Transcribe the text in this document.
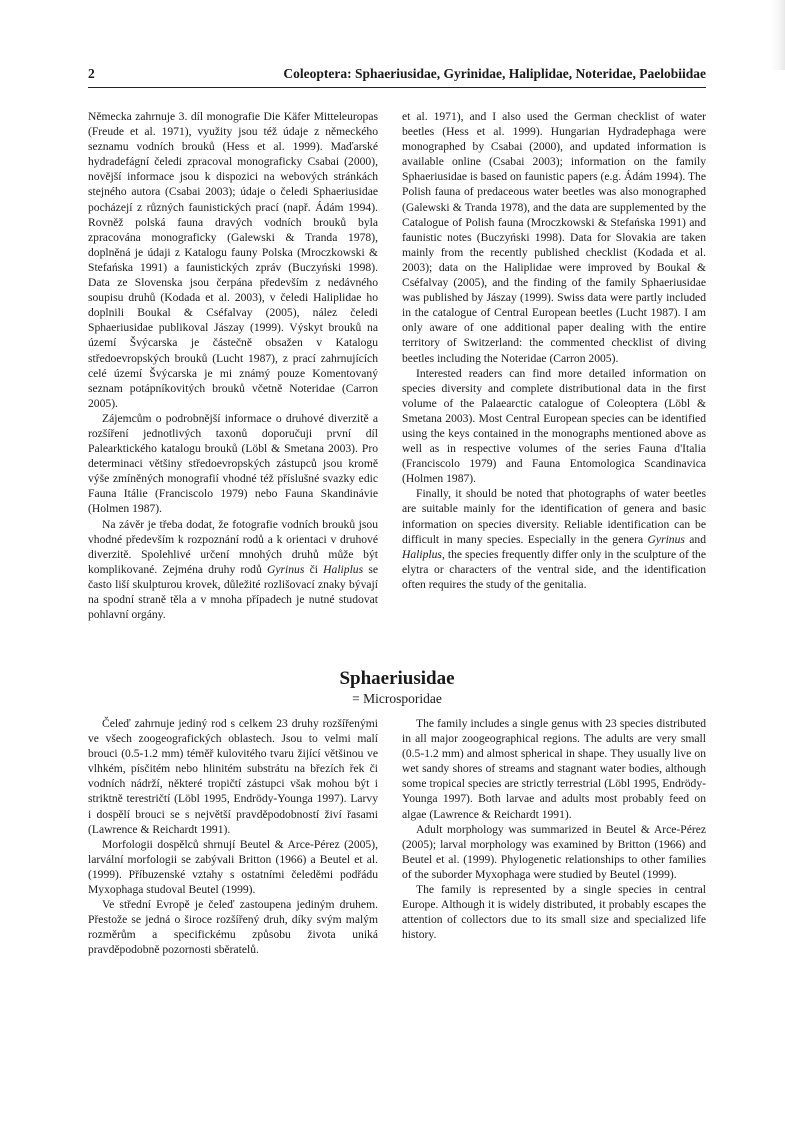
2	Coleoptera: Sphaeriusidae, Gyrinidae, Haliplidae, Noteridae, Paelobiidae

Německa zahrnuje 3. díl monografie Die Käfer Mitteleuropas (Freude et al. 1971), využity jsou též údaje z německého seznamu vodních brouků (Hess et al. 1999). Maďarské hydradefágní čeledi zpracoval monograficky Csabai (2000), novější informace jsou k dispozici na webových stránkách stejného autora (Csabai 2003); údaje o čeledi Sphaeriusidae pocházejí z různých faunistických prací (např. Ádám 1994). Rovněž polská fauna dravých vodních brouků byla zpracována monograficky (Galewski & Tranda 1978), doplněná je údaji z Katalogu fauny Polska (Mroczkowski & Stefańska 1991) a faunistických zpráv (Buczyński 1998). Data ze Slovenska jsou čerpána především z nedávného soupisu druhů (Kodada et al. 2003), v čeledi Haliplidae ho doplnili Boukal & Cséfalvay (2005), nález čeledi Sphaeriusidae publikoval Jászay (1999). Výskyt brouků na území Švýcarska je částečně obsažen v Katalogu středoevropských brouků (Lucht 1987), z prací zahrnujících celé území Švýcarska je mi známý pouze Komentovaný seznam potápníkovitých brouků včetně Noteridae (Carron 2005).

Zájemcům o podrobnější informace o druhové diverzitě a rozšíření jednotlivých taxonů doporučuji první díl Palearktického katalogu brouků (Löbl & Smetana 2003). Pro determinaci většiny středoevropských zástupců jsou kromě výše zmíněných monografií vhodné též příslušné svazky edic Fauna Itálie (Franciscolo 1979) nebo Fauna Skandinávie (Holmen 1987).

Na závěr je třeba dodat, že fotografie vodních brouků jsou vhodné především k rozpoznání rodů a k orientaci v druhové diverzitě. Spolehlivé určení mnohých druhů může být komplikované. Zejména druhy rodů Gyrinus či Haliplus se často liší skulpturou krovek, důležité rozlišovací znaky bývají na spodní straně těla a v mnoha případech je nutné studovat pohlavní orgány.

et al. 1971), and I also used the German checklist of water beetles (Hess et al. 1999). Hungarian Hydradephaga were monographed by Csabai (2000), and updated information is available online (Csabai 2003); information on the family Sphaeriusidae is based on faunistic papers (e.g. Ádám 1994). The Polish fauna of predaceous water beetles was also monographed (Galewski & Tranda 1978), and the data are supplemented by the Catalogue of Polish fauna (Mroczkowski & Stefańska 1991) and faunistic notes (Buczyński 1998). Data for Slovakia are taken mainly from the recently published checklist (Kodada et al. 2003); data on the Haliplidae were improved by Boukal & Cséfalvay (2005), and the finding of the family Sphaeriusidae was published by Jászay (1999). Swiss data were partly included in the catalogue of Central European beetles (Lucht 1987). I am only aware of one additional paper dealing with the entire territory of Switzerland: the commented checklist of diving beetles including the Noteridae (Carron 2005).

Interested readers can find more detailed information on species diversity and complete distributional data in the first volume of the Palaearctic catalogue of Coleoptera (Löbl & Smetana 2003). Most Central European species can be identified using the keys contained in the monographs mentioned above as well as in respective volumes of the series Fauna d'Italia (Franciscolo 1979) and Fauna Entomologica Scandinavica (Holmen 1987).

Finally, it should be noted that photographs of water beetles are suitable mainly for the identification of genera and basic information on species diversity. Reliable identification can be difficult in many species. Especially in the genera Gyrinus and Haliplus, the species frequently differ only in the sculpture of the elytra or characters of the ventral side, and the identification often requires the study of the genitalia.

Sphaeriusidae
= Microsporidae

Čeleď zahrnuje jediný rod s celkem 23 druhy rozšířenými ve všech zoogeografických oblastech. Jsou to velmi malí brouci (0.5-1.2 mm) téměř kulovitého tvaru žijící většinou ve vlhkém, písčitém nebo hlinitém substrátu na březích řek či vodních nádrží, některé tropičtí zástupci však mohou být i striktně terestričtí (Löbl 1995, Endrödy-Younga 1997). Larvy i dospělí brouci se s největší pravděpodobností živí řasami (Lawrence & Reichardt 1991).

Morfologii dospělců shrnují Beutel & Arce-Pérez (2005), larvální morfologii se zabývali Britton (1966) a Beutel et al. (1999). Příbuzenské vztahy s ostatními čeleděmi podřádu Myxophaga studoval Beutel (1999).

Ve střední Evropě je čeleď zastoupena jediným druhem. Přestože se jedná o široce rozšířený druh, díky svým malým rozměrům a specifickému způsobu života uniká pravděpodobně pozornosti sběratelů.

The family includes a single genus with 23 species distributed in all major zoogeographical regions. The adults are very small (0.5-1.2 mm) and almost spherical in shape. They usually live on wet sandy shores of streams and stagnant water bodies, although some tropical species are strictly terrestrial (Löbl 1995, Endrödy-Younga 1997). Both larvae and adults most probably feed on algae (Lawrence & Reichardt 1991).

Adult morphology was summarized in Beutel & Arce-Pérez (2005); larval morphology was examined by Britton (1966) and Beutel et al. (1999). Phylogenetic relationships to other families of the suborder Myxophaga were studied by Beutel (1999).

The family is represented by a single species in central Europe. Although it is widely distributed, it probably escapes the attention of collectors due to its small size and specialized life history.
